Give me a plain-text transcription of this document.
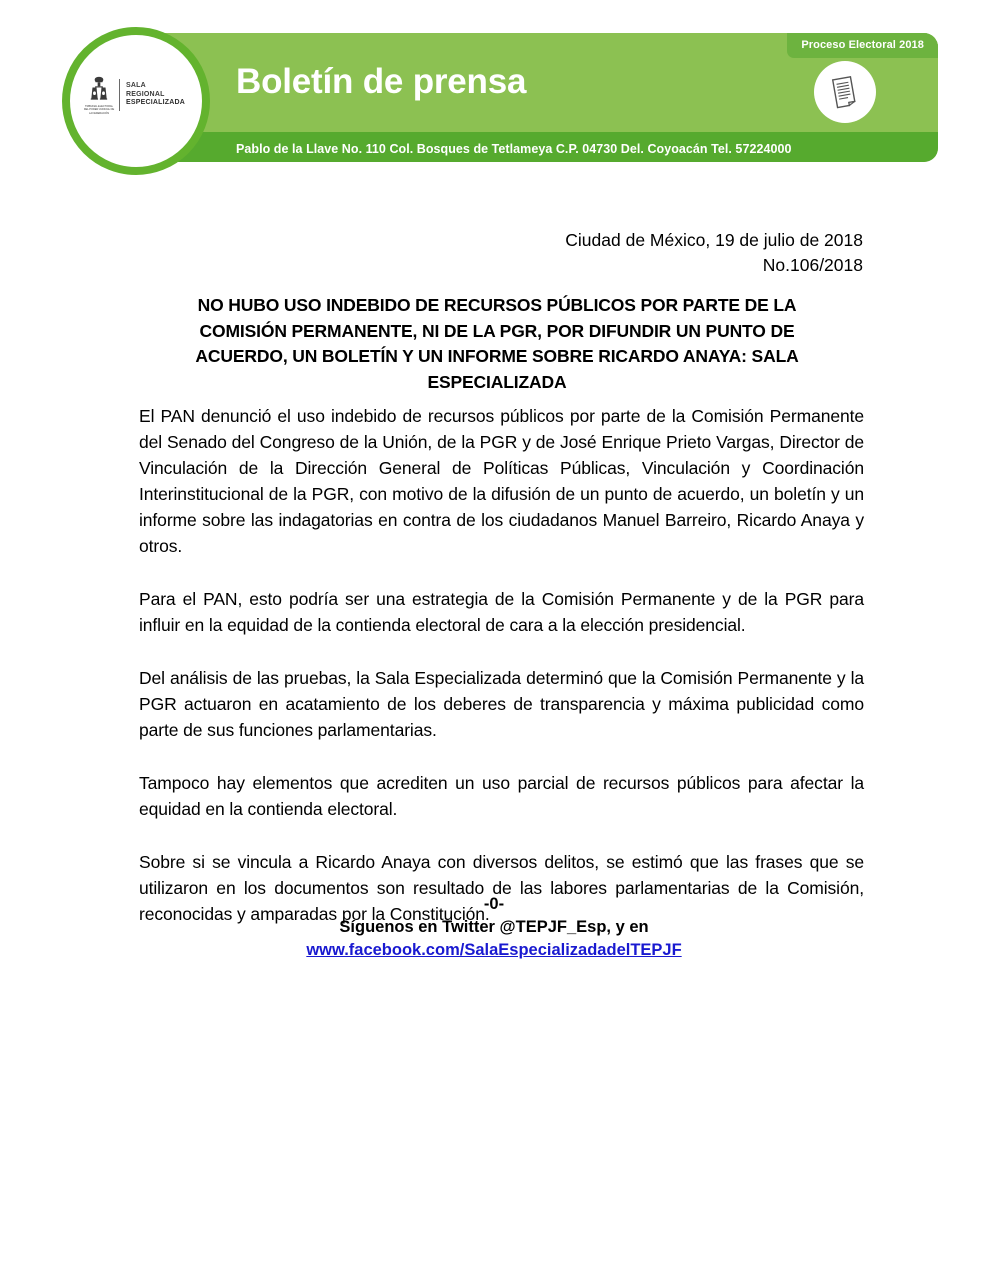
Proceso Electoral 2018
Boletín de prensa
Pablo de la Llave No. 110 Col. Bosques de Tetlameya C.P. 04730 Del. Coyoacán Tel. 57224000
TRIBUNAL ELECTORAL DEL PODER JUDICIAL DE LA FEDERACIÓN
SALA
REGIONAL
ESPECIALIZADA
Ciudad de México, 19 de julio de 2018
No.106/2018
NO HUBO USO INDEBIDO DE RECURSOS PÚBLICOS POR PARTE DE LA COMISIÓN PERMANENTE, NI DE LA PGR, POR DIFUNDIR UN PUNTO DE ACUERDO, UN BOLETÍN Y UN INFORME SOBRE RICARDO ANAYA: SALA ESPECIALIZADA

El PAN denunció el uso indebido de recursos públicos por parte de la Comisión Permanente del Senado del Congreso de la Unión, de la PGR y de José Enrique Prieto Vargas, Director de Vinculación de la Dirección General de Políticas Públicas, Vinculación y Coordinación Interinstitucional de la PGR, con motivo de la difusión de un punto de acuerdo, un boletín y un informe sobre las indagatorias en contra de los ciudadanos Manuel Barreiro, Ricardo Anaya y otros.

Para el PAN, esto podría ser una estrategia de la Comisión Permanente y de la PGR para influir en la equidad de la contienda electoral de cara a la elección presidencial.

Del análisis de las pruebas, la Sala Especializada determinó que la Comisión Permanente y la PGR actuaron en acatamiento de los deberes de transparencia y máxima publicidad como parte de sus funciones parlamentarias.

Tampoco hay elementos que acrediten un uso parcial de recursos públicos para afectar la equidad en la contienda electoral.

Sobre si se vincula a Ricardo Anaya con diversos delitos, se estimó que las frases que se utilizaron en los documentos son resultado de las labores parlamentarias de la Comisión, reconocidas y amparadas por la Constitución.

-0-
Síguenos en Twitter @TEPJF_Esp, y en
www.facebook.com/SalaEspecializadadelTEPJF
